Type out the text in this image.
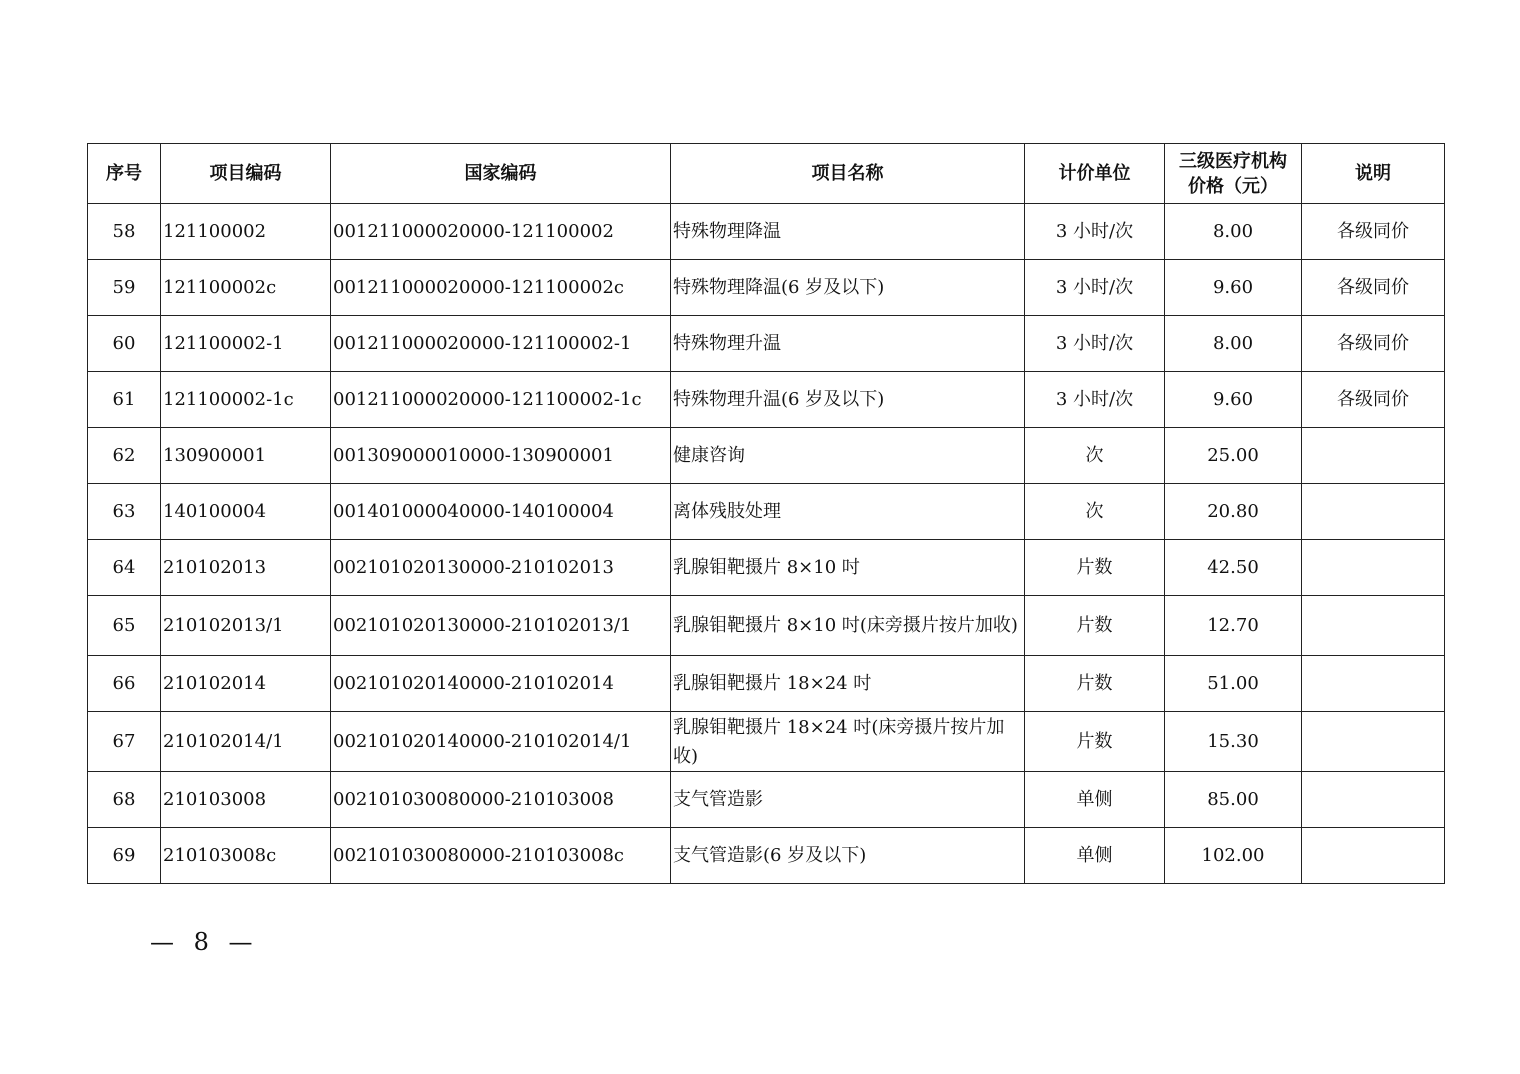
序号	项目编码	国家编码	项目名称	计价单位	三级医疗机构
价格（元）	说明
58	121100002	001211000020000-121100002	特殊物理降温	3 小时/次	8.00	各级同价
59	121100002c	001211000020000-121100002c	特殊物理降温(6 岁及以下)	3 小时/次	9.60	各级同价
60	121100002-1	001211000020000-121100002-1	特殊物理升温	3 小时/次	8.00	各级同价
61	121100002-1c	001211000020000-121100002-1c	特殊物理升温(6 岁及以下)	3 小时/次	9.60	各级同价
62	130900001	001309000010000-130900001	健康咨询	次	25.00	
63	140100004	001401000040000-140100004	离体残肢处理	次	20.80	
64	210102013	002101020130000-210102013	乳腺钼靶摄片 8×10 吋	片数	42.50	
65	210102013/1	002101020130000-210102013/1	乳腺钼靶摄片 8×10 吋(床旁摄片按片加收)	片数	12.70	
66	210102014	002101020140000-210102014	乳腺钼靶摄片 18×24 吋	片数	51.00	
67	210102014/1	002101020140000-210102014/1	乳腺钼靶摄片 18×24 吋(床旁摄片按片加收)	片数	15.30	
68	210103008	002101030080000-210103008	支气管造影	单侧	85.00	
69	210103008c	002101030080000-210103008c	支气管造影(6 岁及以下)	单侧	102.00	
— 8 —
